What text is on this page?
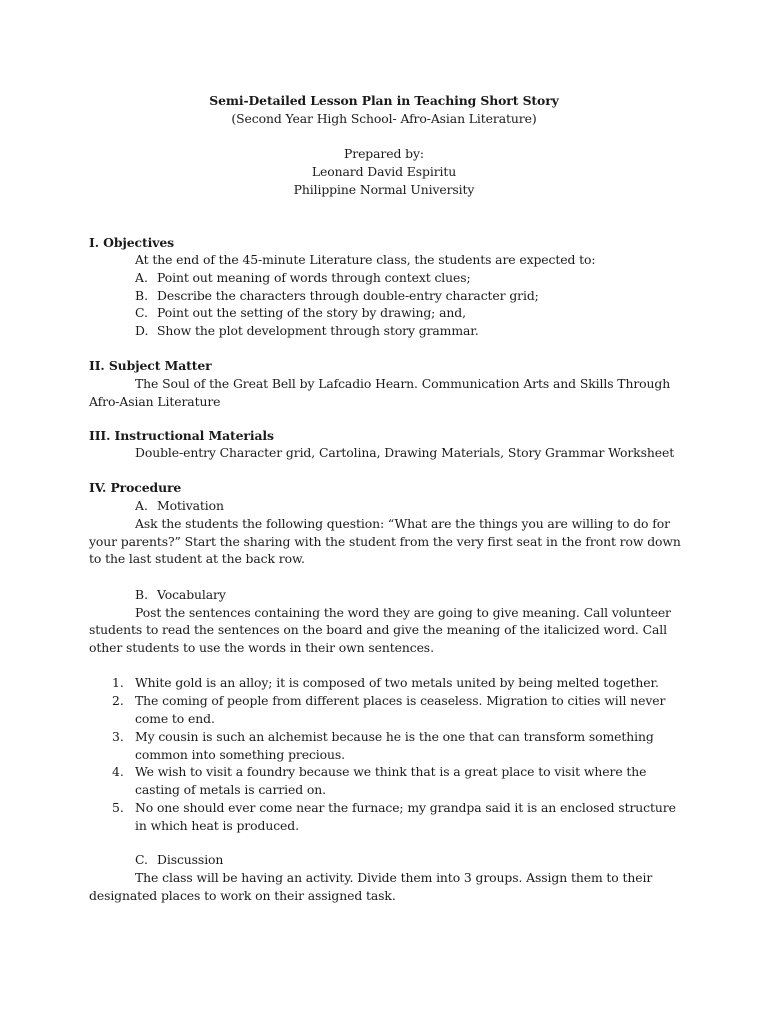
Semi-Detailed Lesson Plan in Teaching Short Story
(Second Year High School- Afro-Asian Literature)
Prepared by:
Leonard David Espiritu
Philippine Normal University
I. Objectives
At the end of the 45-minute Literature class, the students are expected to:
A. Point out meaning of words through context clues;
B. Describe the characters through double-entry character grid;
C. Point out the setting of the story by drawing; and,
D. Show the plot development through story grammar.
II. Subject Matter
The Soul of the Great Bell by Lafcadio Hearn. Communication Arts and Skills Through
Afro-Asian Literature
III. Instructional Materials
Double-entry Character grid, Cartolina, Drawing Materials, Story Grammar Worksheet
IV. Procedure
A. Motivation
Ask the students the following question: “What are the things you are willing to do for
your parents?” Start the sharing with the student from the very first seat in the front row down
to the last student at the back row.
B. Vocabulary
Post the sentences containing the word they are going to give meaning. Call volunteer
students to read the sentences on the board and give the meaning of the italicized word. Call
other students to use the words in their own sentences.
1. White gold is an alloy; it is composed of two metals united by being melted together.
2. The coming of people from different places is ceaseless. Migration to cities will never
come to end.
3. My cousin is such an alchemist because he is the one that can transform something
common into something precious.
4. We wish to visit a foundry because we think that is a great place to visit where the
casting of metals is carried on.
5. No one should ever come near the furnace; my grandpa said it is an enclosed structure
in which heat is produced.
C. Discussion
The class will be having an activity. Divide them into 3 groups. Assign them to their
designated places to work on their assigned task.
